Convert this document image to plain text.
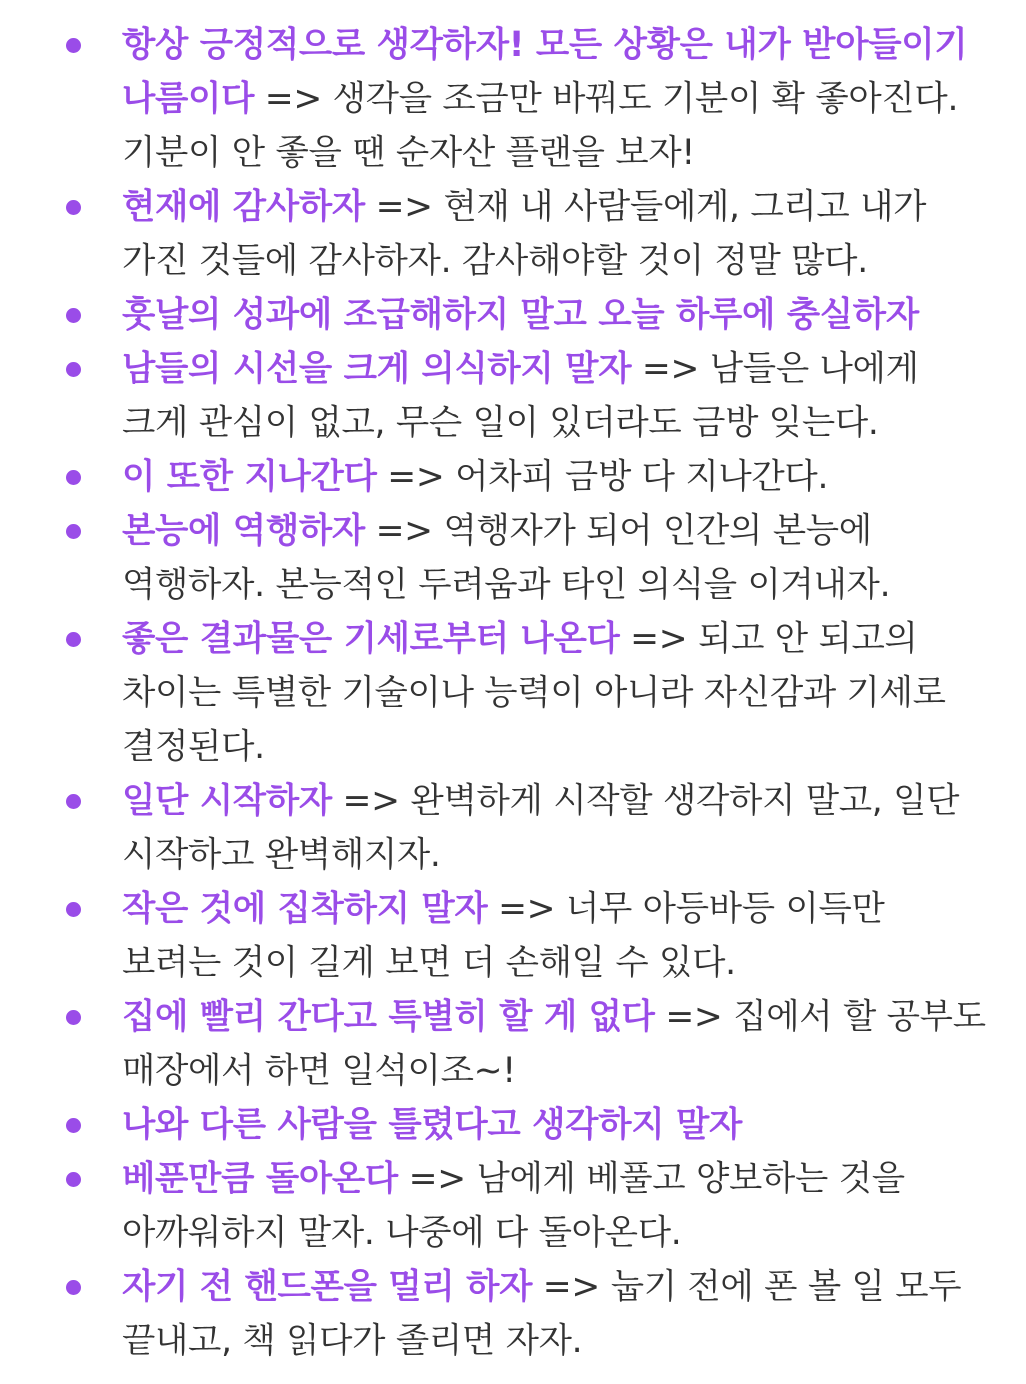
항상 긍정적으로 생각하자! 모든 상황은 내가 받아들이기 나름이다 => 생각을 조금만 바꿔도 기분이 확 좋아진다. 기분이 안 좋을 땐 순자산 플랜을 보자!
현재에 감사하자 => 현재 내 사람들에게, 그리고 내가 가진 것들에 감사하자. 감사해야할 것이 정말 많다.
훗날의 성과에 조급해하지 말고 오늘 하루에 충실하자
남들의 시선을 크게 의식하지 말자 => 남들은 나에게 크게 관심이 없고, 무슨 일이 있더라도 금방 잊는다.
이 또한 지나간다 => 어차피 금방 다 지나간다.
본능에 역행하자 => 역행자가 되어 인간의 본능에 역행하자. 본능적인 두려움과 타인 의식을 이겨내자.
좋은 결과물은 기세로부터 나온다 => 되고 안 되고의 차이는 특별한 기술이나 능력이 아니라 자신감과 기세로 결정된다.
일단 시작하자 => 완벽하게 시작할 생각하지 말고, 일단 시작하고 완벽해지자.
작은 것에 집착하지 말자 => 너무 아등바등 이득만 보려는 것이 길게 보면 더 손해일 수 있다.
집에 빨리 간다고 특별히 할 게 없다 => 집에서 할 공부도 매장에서 하면 일석이조~!
나와 다른 사람을 틀렸다고 생각하지 말자
베푼만큼 돌아온다 => 남에게 베풀고 양보하는 것을 아까워하지 말자. 나중에 다 돌아온다.
자기 전 핸드폰을 멀리 하자 => 눕기 전에 폰 볼 일 모두 끝내고, 책 읽다가 졸리면 자자.
